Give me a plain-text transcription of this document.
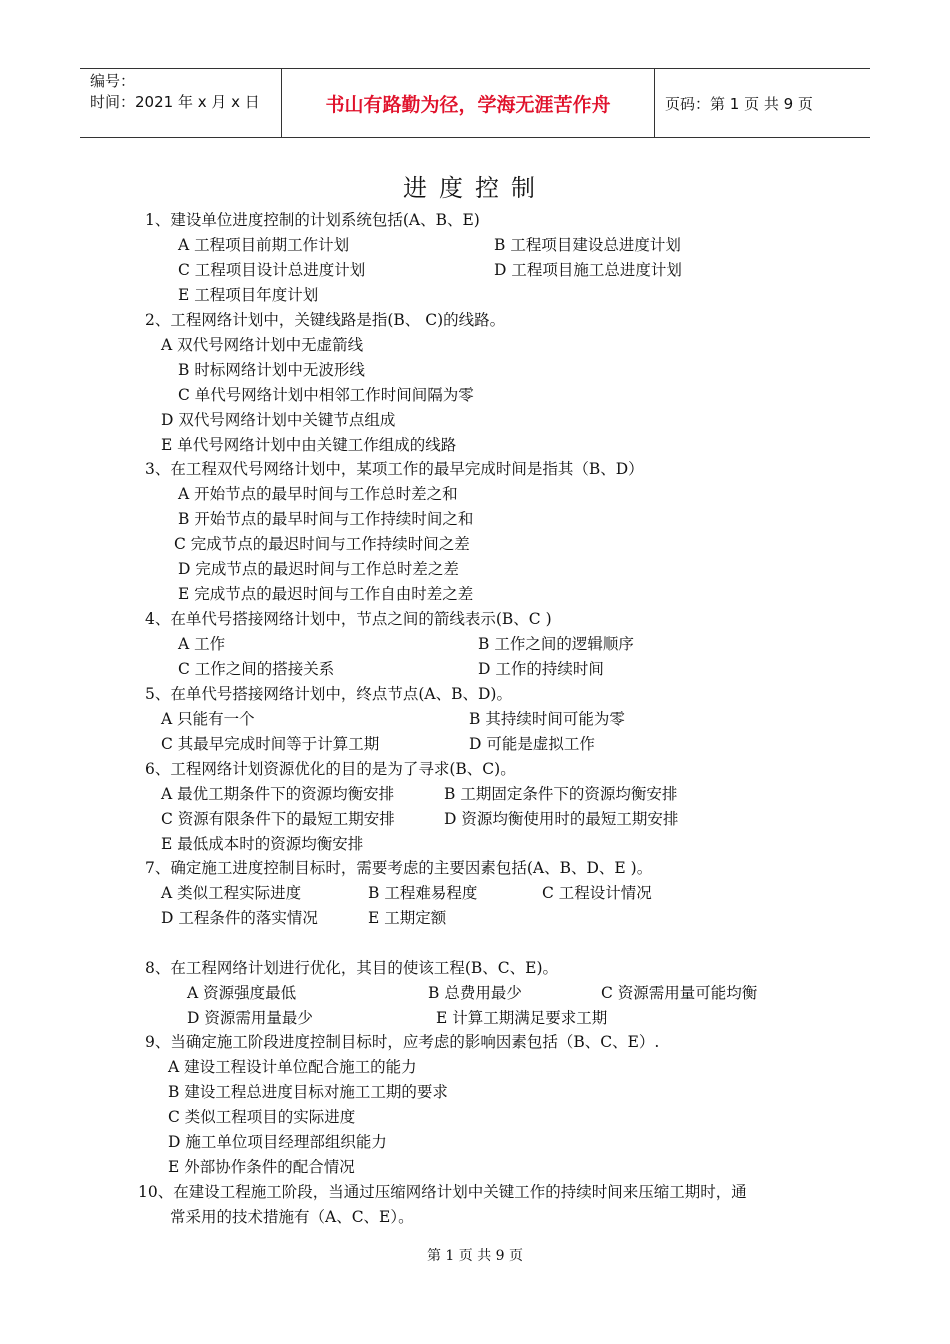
编号：
时间：2021 年 x 月 x 日	书山有路勤为径，学海无涯苦作舟	页码：第 1 页 共 9 页
进度控制
1、建设单位进度控制的计划系统包括(A、B、E)
A 工程项目前期工作计划	B 工程项目建设总进度计划
C 工程项目设计总进度计划	D 工程项目施工总进度计划
E 工程项目年度计划
2、工程网络计划中，关键线路是指(B、 C)的线路。
A 双代号网络计划中无虚箭线
B 时标网络计划中无波形线
C 单代号网络计划中相邻工作时间间隔为零
D 双代号网络计划中关键节点组成
E 单代号网络计划中由关键工作组成的线路
3、在工程双代号网络计划中，某项工作的最早完成时间是指其（B、D）
A 开始节点的最早时间与工作总时差之和
B 开始节点的最早时间与工作持续时间之和
C 完成节点的最迟时间与工作持续时间之差
D 完成节点的最迟时间与工作总时差之差
E 完成节点的最迟时间与工作自由时差之差
4、在单代号搭接网络计划中，节点之间的箭线表示(B、C )
A 工作	B 工作之间的逻辑顺序
C 工作之间的搭接关系	D 工作的持续时间
5、在单代号搭接网络计划中，终点节点(A、B、D)。
A 只能有一个	B 其持续时间可能为零
C 其最早完成时间等于计算工期	D 可能是虚拟工作
6、工程网络计划资源优化的目的是为了寻求(B、C)。
A 最优工期条件下的资源均衡安排	B 工期固定条件下的资源均衡安排
C 资源有限条件下的最短工期安排	D 资源均衡使用时的最短工期安排
E 最低成本时的资源均衡安排
7、确定施工进度控制目标时，需要考虑的主要因素包括(A、B、D、E )。
A 类似工程实际进度	B 工程难易程度	C 工程设计情况
D 工程条件的落实情况	E 工期定额
8、在工程网络计划进行优化，其目的使该工程(B、C、E)。
A 资源强度最低	B 总费用最少	C 资源需用量可能均衡
D 资源需用量最少	E 计算工期满足要求工期
9、当确定施工阶段进度控制目标时，应考虑的影响因素包括（B、C、E）.
A 建设工程设计单位配合施工的能力
B 建设工程总进度目标对施工工期的要求
C 类似工程项目的实际进度
D 施工单位项目经理部组织能力
E 外部协作条件的配合情况
10、在建设工程施工阶段，当通过压缩网络计划中关键工作的持续时间来压缩工期时，通
常采用的技术措施有（A、C、E）。
第 1 页 共 9 页
